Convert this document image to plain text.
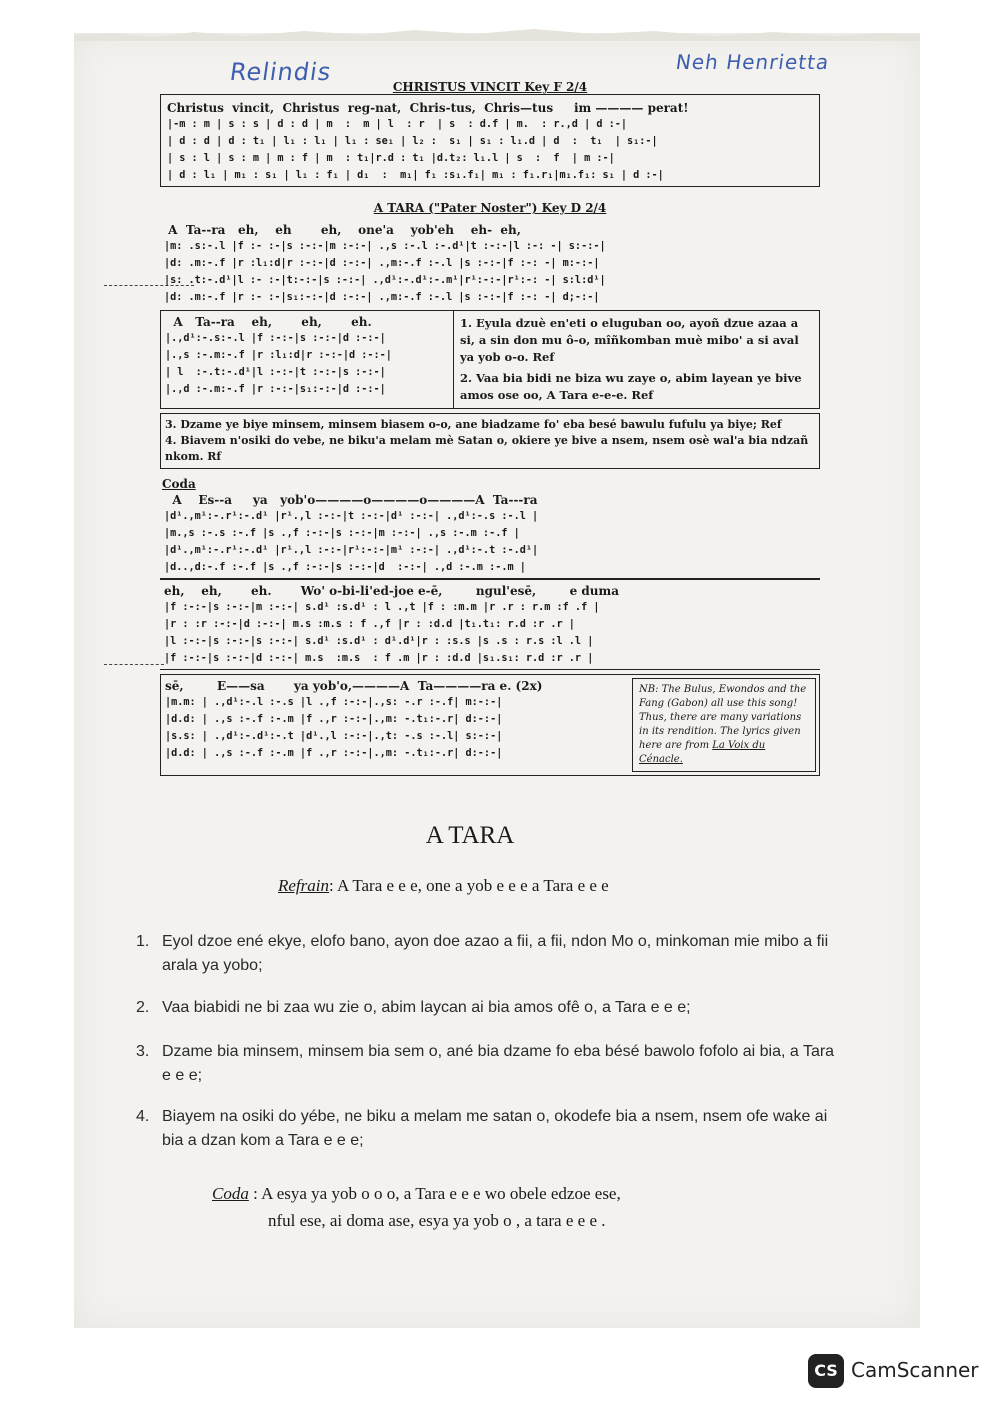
Relindis	Neh Henrietta

CHRISTUS VINCIT Key F 2/4

Christus  vincit,  Christus  reg-nat,  Chris-tus,  Chris—tus     im ———— perat!
|-m : m | s : s | d : d | m  :  m | l  : r  | s  : d.f | m.  : r.,d | d :-|
| d : d | d : t₁ | l₁ : l₁ | l₁ : se₁ | l₂ :  s₁ | s₁ : l₁.d | d  :  t₁  | s₁:-|
| s : l | s : m | m : f | m  : t₁|r.d : t₁ |d.t₂: l₁.l | s  :  f  | m :-|
| d : l₁ | m₁ : s₁ | l₁ : f₁ | d₁  :  m₁| f₁ :s₁.f₁| m₁ : f₁.r₁|m₁.f₁: s₁ | d :-|

A TARA ("Pater Noster") Key D 2/4

A  Ta--ra   eh,    eh       eh,    one'a    yob'eh    eh-  eh,
|m: .s:-.l |f :- :-|s :-:-|m :-:-| .,s :-.l :-.d¹|t :-:-|l :-: -| s:-:-|
|d: .m:-.f |r :l₁:d|r :-:-|d :-:-| .,m:-.f :-.l |s :-:-|f :-: -| m:-:-|
|s: .t:-.d¹|l :- :-|t:-:-|s :-:-| .,d¹:-.d¹:-.m¹|r¹:-:-|r¹:-: -| s:l:d¹|
|d: .m:-.f |r :- :-|s₁:-:-|d :-:-| .,m:-.f :-.l |s :-:-|f :-: -| d;-:-|
A   Ta--ra    eh,       eh,       eh.
|.,d¹:-.s:-.l |f :-:-|s :-:-|d :-:-|
|.,s :-.m:-.f |r :l₁:d|r :-:-|d :-:-|
| l  :-.t:-.d¹|l :-:-|t :-:-|s :-:-|
|.,d :-.m:-.f |r :-:-|s₁:-:-|d :-:-|
1. Eyula dzuè en'eti o eluguban oo, ayoñ dzue azaa a si, a sin don mu ô-o, mîñkomban muè mibo' a si aval ya yob o-o. Ref
2. Vaa bia bidi ne biza wu zaye o, abim layean ye bive amos ose oo, A Tara e-e-e. Ref
3. Dzame ye biye minsem, minsem biasem o-o, ane biadzame fo' eba besé bawulu fufulu ya biye; Ref
4. Biavem n'osiki do vebe, ne biku'a melam mè Satan o, okiere ye bive a nsem, nsem osè wal'a bia ndzañ nkom. Rf
Coda
A    Es--a     ya   yob'o————o————o————A  Ta---ra
|d¹.,m¹:-.r¹:-.d¹ |r¹.,l :-:-|t :-:-|d¹ :-:-| .,d¹:-.s :-.l |
|m.,s :-.s :-.f |s .,f :-:-|s :-:-|m :-:-| .,s :-.m :-.f |
|d¹.,m¹:-.r¹:-.d¹ |r¹.,l :-:-|r¹:-:-|m¹ :-:-| .,d¹:-.t :-.d¹|
|d..,d:-.f :-.f |s .,f :-:-|s :-:-|d  :-:-| .,d :-.m :-.m |
eh,    eh,       eh.       Wo' o-bi-li'ed-joe e-ē,        ngul'esē,        e duma
|f :-:-|s :-:-|m :-:-| s.d¹ :s.d¹ : l .,t |f : :m.m |r .r : r.m :f .f |
|r : :r :-:-|d :-:-| m.s :m.s : f .,f |r : :d.d |t₁.t₁: r.d :r .r |
|l :-:-|s :-:-|s :-:-| s.d¹ :s.d¹ : d¹.d¹|r : :s.s |s .s : r.s :l .l |
|f :-:-|s :-:-|d :-:-| m.s  :m.s  : f .m |r : :d.d |s₁.s₁: r.d :r .r |
sē,        E——sa       ya yob'o,————A  Ta————ra e. (2x)
|m.m: | .,d¹:-.l :-.s |l .,f :-:-|.,s: -.r :-.f| m:-:-|
|d.d: | .,s :-.f :-.m |f .,r :-:-|.,m: -.t₁:-.r| d:-:-|
|s.s: | .,d¹:-.d¹:-.t |d¹.,l :-:-|.,t: -.s :-.l| s:-:-|
|d.d: | .,s :-.f :-.m |f .,r :-:-|.,m: -.t₁:-.r| d:-:-|
NB: The Bulus, Ewondos and the Fang (Gabon) all use this song! Thus, there are many variations in its rendition. The lyrics given here are from La Voix du Cénacle.
A TARA
Refrain: A Tara e e e, one a yob e e e a Tara e e e
1. Eyol dzoe ené ekye, elofo bano, ayon doe azao a fii, a fii, ndon Mo o, minkoman mie mibo a fii arala ya yobo;
2. Vaa biabidi ne bi zaa wu zie o, abim laycan ai bia amos ofê o, a Tara e e e;
3. Dzame bia minsem, minsem bia sem o, ané bia dzame fo eba bésé bawolo fofolo ai bia, a Tara e e e;
4. Biayem na osiki do yébe, ne biku a melam me satan o, okodefe bia a nsem, nsem ofe wake ai bia a dzan kom a Tara e e e;
Coda : A esya ya yob o o o, a Tara e e e wo obele edzoe ese,
nful ese, ai doma ase, esya ya yob o , a tara e e e .
CS CamScanner
